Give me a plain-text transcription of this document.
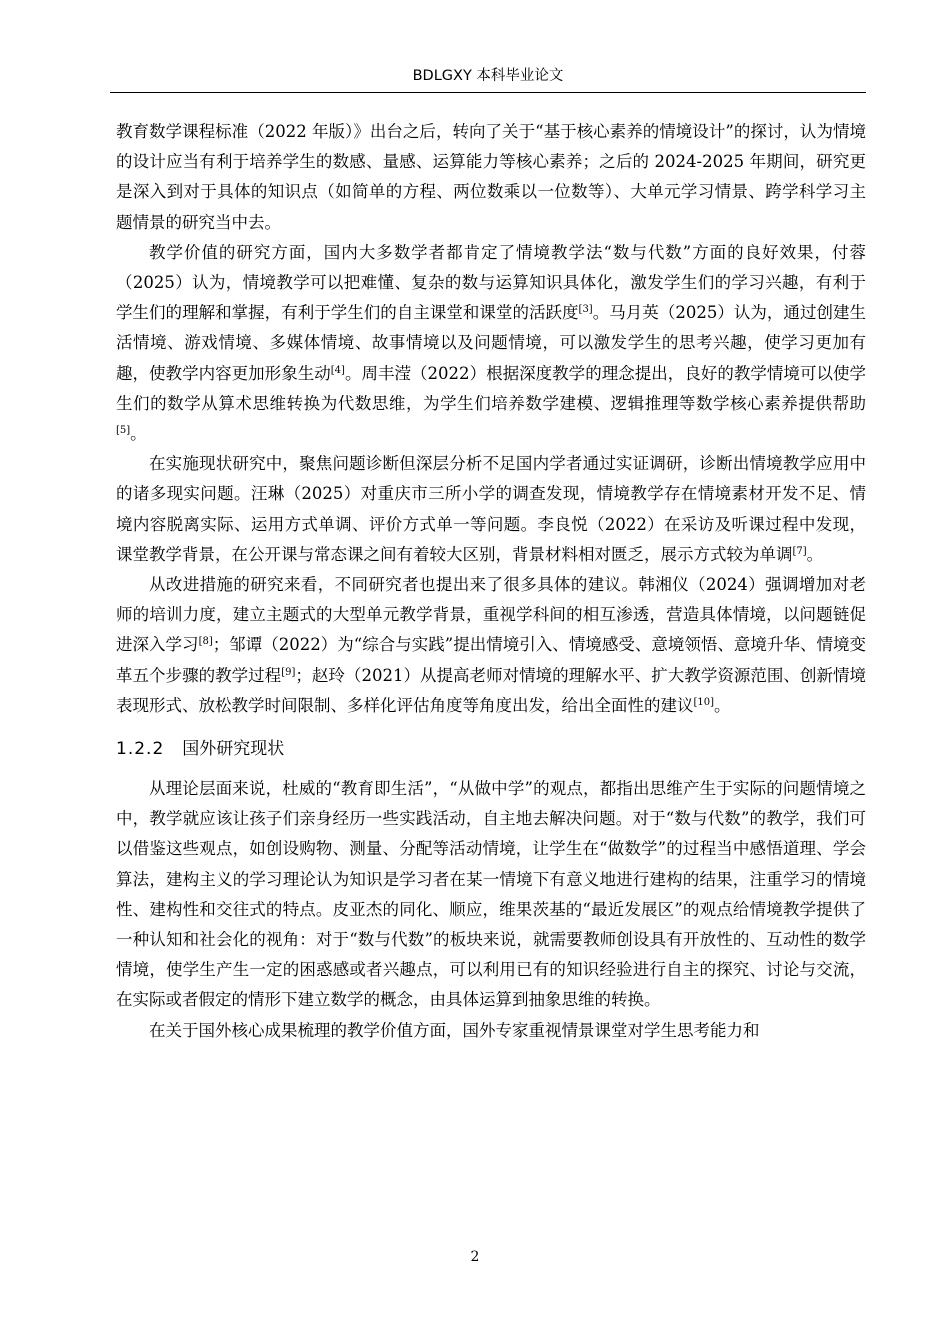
BDLGXY 本科毕业论文

教育数学课程标准（2022 年版）》出台之后，转向了关于“基于核心素养的情境设计”的探讨，认为情境的设计应当有利于培养学生的数感、量感、运算能力等核心素养；之后的 2024-2025 年期间，研究更是深入到对于具体的知识点（如简单的方程、两位数乘以一位数等）、大单元学习情景、跨学科学习主题情景的研究当中去。

教学价值的研究方面，国内大多数学者都肯定了情境教学法“数与代数”方面的良好效果，付蓉（2025）认为，情境教学可以把难懂、复杂的数与运算知识具体化，激发学生们的学习兴趣，有利于学生们的理解和掌握，有利于学生们的自主课堂和课堂的活跃度[3]。马月英（2025）认为，通过创建生活情境、游戏情境、多媒体情境、故事情境以及问题情境，可以激发学生的思考兴趣，使学习更加有趣，使教学内容更加形象生动[4]。周丰滢（2022）根据深度教学的理念提出，良好的教学情境可以使学生们的数学从算术思维转换为代数思维，为学生们培养数学建模、逻辑推理等数学核心素养提供帮助[5]。

在实施现状研究中，聚焦问题诊断但深层分析不足国内学者通过实证调研，诊断出情境教学应用中的诸多现实问题。汪琳（2025）对重庆市三所小学的调查发现，情境教学存在情境素材开发不足、情境内容脱离实际、运用方式单调、评价方式单一等问题。李良悦（2022）在采访及听课过程中发现，课堂教学背景，在公开课与常态课之间有着较大区别，背景材料相对匮乏，展示方式较为单调[7]。

从改进措施的研究来看，不同研究者也提出来了很多具体的建议。韩湘仪（2024）强调增加对老师的培训力度，建立主题式的大型单元教学背景，重视学科间的相互渗透，营造具体情境，以问题链促进深入学习[8]；邹谭（2022）为“综合与实践”提出情境引入、情境感受、意境领悟、意境升华、情境变革五个步骤的教学过程[9]；赵玲（2021）从提高老师对情境的理解水平、扩大教学资源范围、创新情境表现形式、放松教学时间限制、多样化评估角度等角度出发，给出全面性的建议[10]。

1.2.2 国外研究现状

从理论层面来说，杜威的“教育即生活”，“从做中学”的观点，都指出思维产生于实际的问题情境之中，教学就应该让孩子们亲身经历一些实践活动，自主地去解决问题。对于“数与代数”的教学，我们可以借鉴这些观点，如创设购物、测量、分配等活动情境，让学生在“做数学”的过程当中感悟道理、学会算法，建构主义的学习理论认为知识是学习者在某一情境下有意义地进行建构的结果，注重学习的情境性、建构性和交往式的特点。皮亚杰的同化、顺应，维果茨基的“最近发展区”的观点给情境教学提供了一种认知和社会化的视角：对于“数与代数”的板块来说，就需要教师创设具有开放性的、互动性的数学情境，使学生产生一定的困惑感或者兴趣点，可以利用已有的知识经验进行自主的探究、讨论与交流，在实际或者假定的情形下建立数学的概念，由具体运算到抽象思维的转换。

在关于国外核心成果梳理的教学价值方面，国外专家重视情景课堂对学生思考能力和

2
